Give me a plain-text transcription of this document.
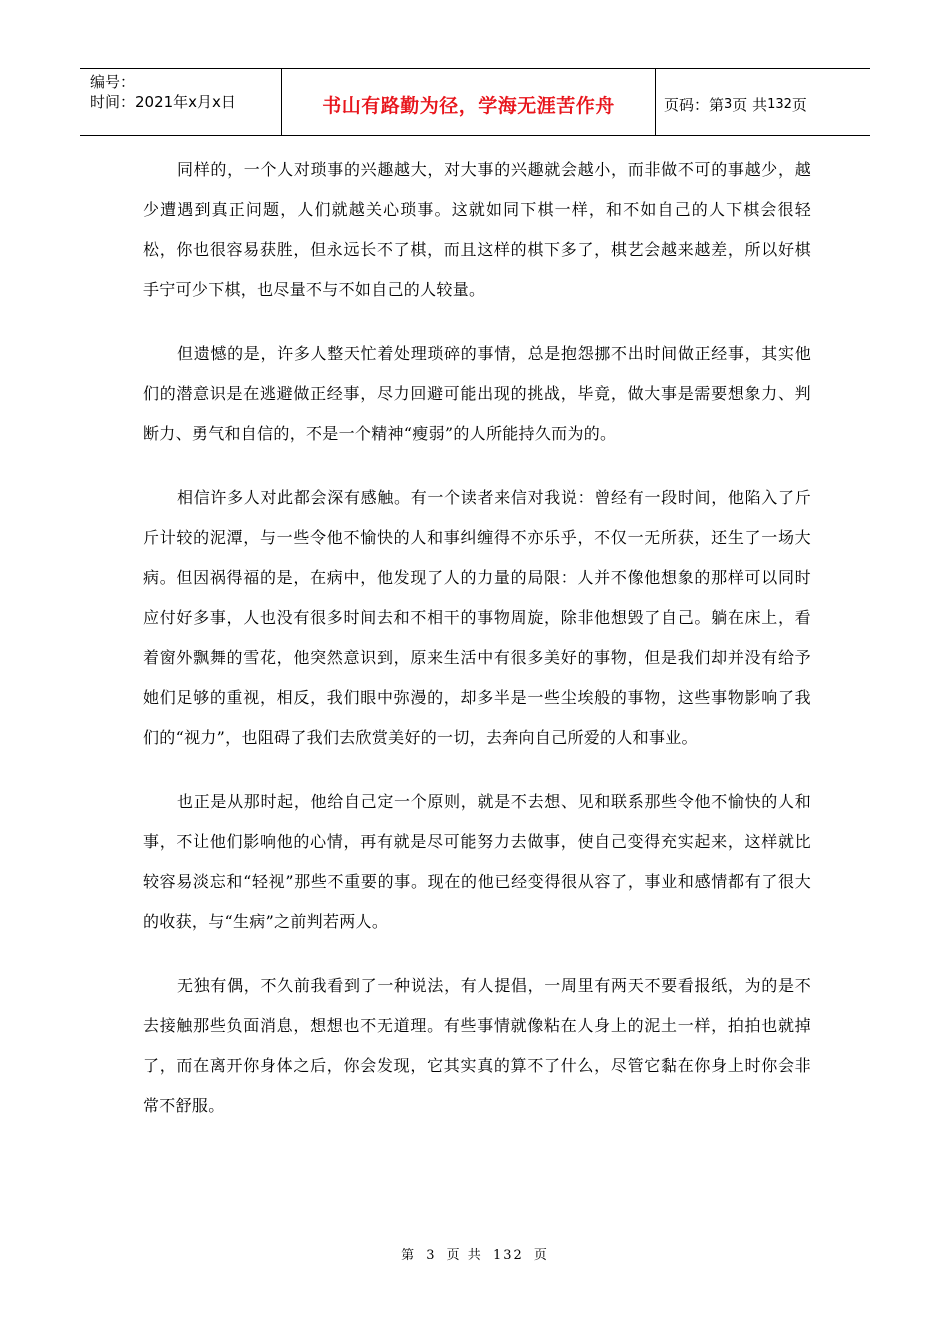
编号：
时间：2021年x月x日	书山有路勤为径，学海无涯苦作舟	页码：第 3 页 共 132 页

同样的，一个人对琐事的兴趣越大，对大事的兴趣就会越小，而非做不可的事越少，越少遭遇到真正问题，人们就越关心琐事。这就如同下棋一样，和不如自己的人下棋会很轻松，你也很容易获胜，但永远长不了棋，而且这样的棋下多了，棋艺会越来越差，所以好棋手宁可少下棋，也尽量不与不如自己的人较量。

但遗憾的是，许多人整天忙着处理琐碎的事情，总是抱怨挪不出时间做正经事，其实他们的潜意识是在逃避做正经事，尽力回避可能出现的挑战，毕竟，做大事是需要想象力、判断力、勇气和自信的，不是一个精神“瘦弱”的人所能持久而为的。

相信许多人对此都会深有感触。有一个读者来信对我说：曾经有一段时间，他陷入了斤斤计较的泥潭，与一些令他不愉快的人和事纠缠得不亦乐乎，不仅一无所获，还生了一场大病。但因祸得福的是，在病中，他发现了人的力量的局限：人并不像他想象的那样可以同时应付好多事，人也没有很多时间去和不相干的事物周旋，除非他想毁了自己。躺在床上，看着窗外飘舞的雪花，他突然意识到，原来生活中有很多美好的事物，但是我们却并没有给予她们足够的重视，相反，我们眼中弥漫的，却多半是一些尘埃般的事物，这些事物影响了我们的“视力”，也阻碍了我们去欣赏美好的一切，去奔向自己所爱的人和事业。

也正是从那时起，他给自己定一个原则，就是不去想、见和联系那些令他不愉快的人和事，不让他们影响他的心情，再有就是尽可能努力去做事，使自己变得充实起来，这样就比较容易淡忘和“轻视”那些不重要的事。现在的他已经变得很从容了，事业和感情都有了很大的收获，与“生病”之前判若两人。

无独有偶，不久前我看到了一种说法，有人提倡，一周里有两天不要看报纸，为的是不去接触那些负面消息，想想也不无道理。有些事情就像粘在人身上的泥土一样，拍拍也就掉了，而在离开你身体之后，你会发现，它其实真的算不了什么，尽管它黏在你身上时你会非常不舒服。

第 3 页 共 132 页
